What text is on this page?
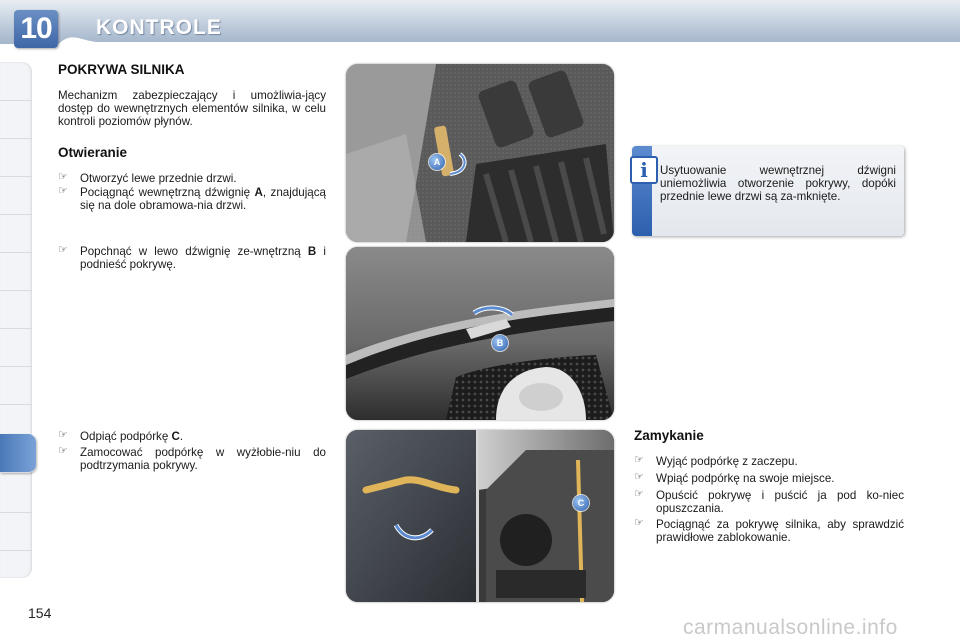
10	KONTROLE
POKRYWA SILNIKA
Mechanizm zabezpieczający i umożliwia-jący dostęp do wewnętrznych elementów silnika, w celu kontroli poziomów płynów.
Otwieranie
☞ Otworzyć lewe przednie drzwi.
☞ Pociągnąć wewnętrzną dźwignię A, znajdującą się na dole obramowa-nia drzwi.
☞ Popchnąć w lewo dźwignię ze-wnętrzną B i podnieść pokrywę.
☞ Odpiąć podpórkę C.
☞ Zamocować podpórkę w wyżłobie-niu do podtrzymania pokrywy.
A
B
C
i	Usytuowanie wewnętrznej dźwigni uniemożliwia otworzenie pokrywy, dopóki przednie lewe drzwi są za-mknięte.
Zamykanie
☞ Wyjąć podpórkę z zaczepu.
☞ Wpiąć podpórkę na swoje miejsce.
☞ Opuścić pokrywę i puścić ja pod ko-niec opuszczania.
☞ Pociągnąć za pokrywę silnika, aby sprawdzić prawidłowe zablokowanie.
154
carmanualsonline.info
